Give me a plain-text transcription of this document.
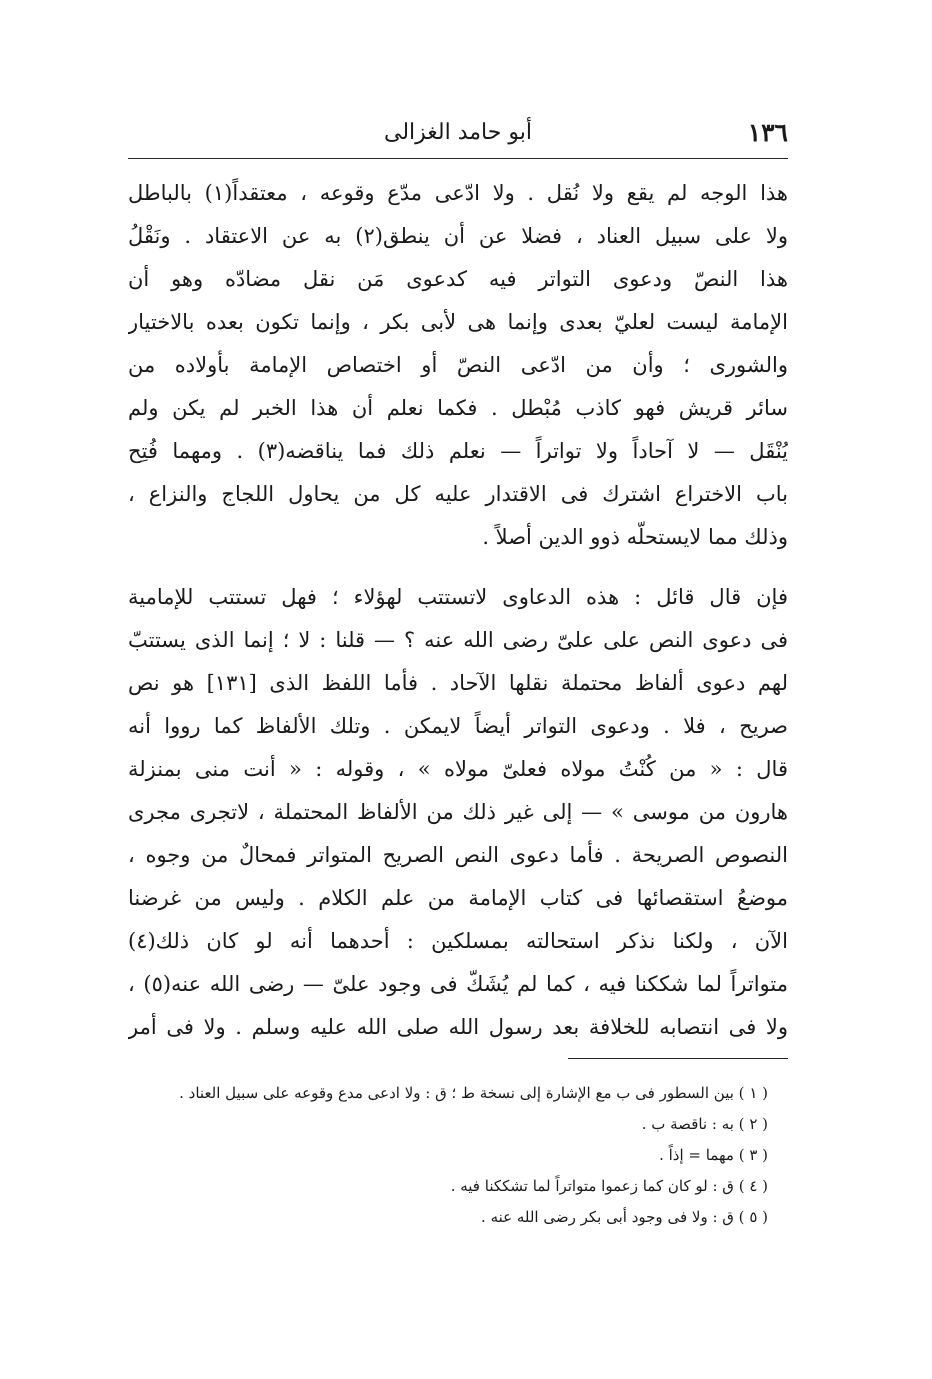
١٣٦
أبو حامد الغزالى
هذا الوجه لم يقع ولا نُقل . ولا ادّعى مدّع وقوعه ، معتقداً(١) بالباطل
ولا على سبيل العناد ، فضلا عن أن ينطق(٢) به عن الاعتقاد . ونَقْلُ
هذا النصّ ودعوى التواتر فيه كدعوى مَن نقل مضادّه وهو أن
الإمامة ليست لعليّ بعدى وإنما هى لأبى بكر ، وإنما تكون بعده بالاختيار
والشورى ؛ وأن من ادّعى النصّ أو اختصاص الإمامة بأولاده من
سائر قريش فهو كاذب مُبْطل . فكما نعلم أن هذا الخبر لم يكن ولم
يُنْقَل — لا آحاداً ولا تواتراً — نعلم ذلك فما يناقضه(٣) . ومهما فُتِح
باب الاختراع اشترك فى الاقتدار عليه كل من يحاول اللجاج والنزاع ،
وذلك مما لايستحلّه ذوو الدين أصلاً .
فإن قال قائل : هذه الدعاوى لاتستتب لهؤلاء ؛ فهل تستتب للإمامية
فى دعوى النص على علىّ رضى الله عنه ؟ — قلنا : لا ؛ إنما الذى يستتبّ
لهم دعوى ألفاظ محتملة نقلها الآحاد . فأما اللفظ الذى [١٣١] هو نص
صريح ، فلا . ودعوى التواتر أيضاً لايمكن . وتلك الألفاظ كما رووا أنه
قال : « من كُنْتُ مولاه فعلىّ مولاه » ، وقوله : « أنت منى بمنزلة
هارون من موسى » — إلى غير ذلك من الألفاظ المحتملة ، لاتجرى مجرى
النصوص الصريحة . فأما دعوى النص الصريح المتواتر فمحالٌ من وجوه ،
موضعُ استقصائها فى كتاب الإمامة من علم الكلام . وليس من غرضنا
الآن ، ولكنا نذكر استحالته بمسلكين : أحدهما أنه لو كان ذلك(٤)
متواتراً لما شككنا فيه ، كما لم يُشَكّ فى وجود علىّ — رضى الله عنه(٥) ،
ولا فى انتصابه للخلافة بعد رسول الله صلى الله عليه وسلم . ولا فى أمر
( ١ ) بين السطور فى ب مع الإشارة إلى نسخة ط ؛ ق : ولا ادعى مدع وقوعه على سبيل العناد .
( ٢ ) به : ناقصة ب .
( ٣ ) مهما = إذاً .
( ٤ ) ق : لو كان كما زعموا متواتراً لما تشككنا فيه .
( ٥ ) ق : ولا فى وجود أبى بكر رضى الله عنه .
